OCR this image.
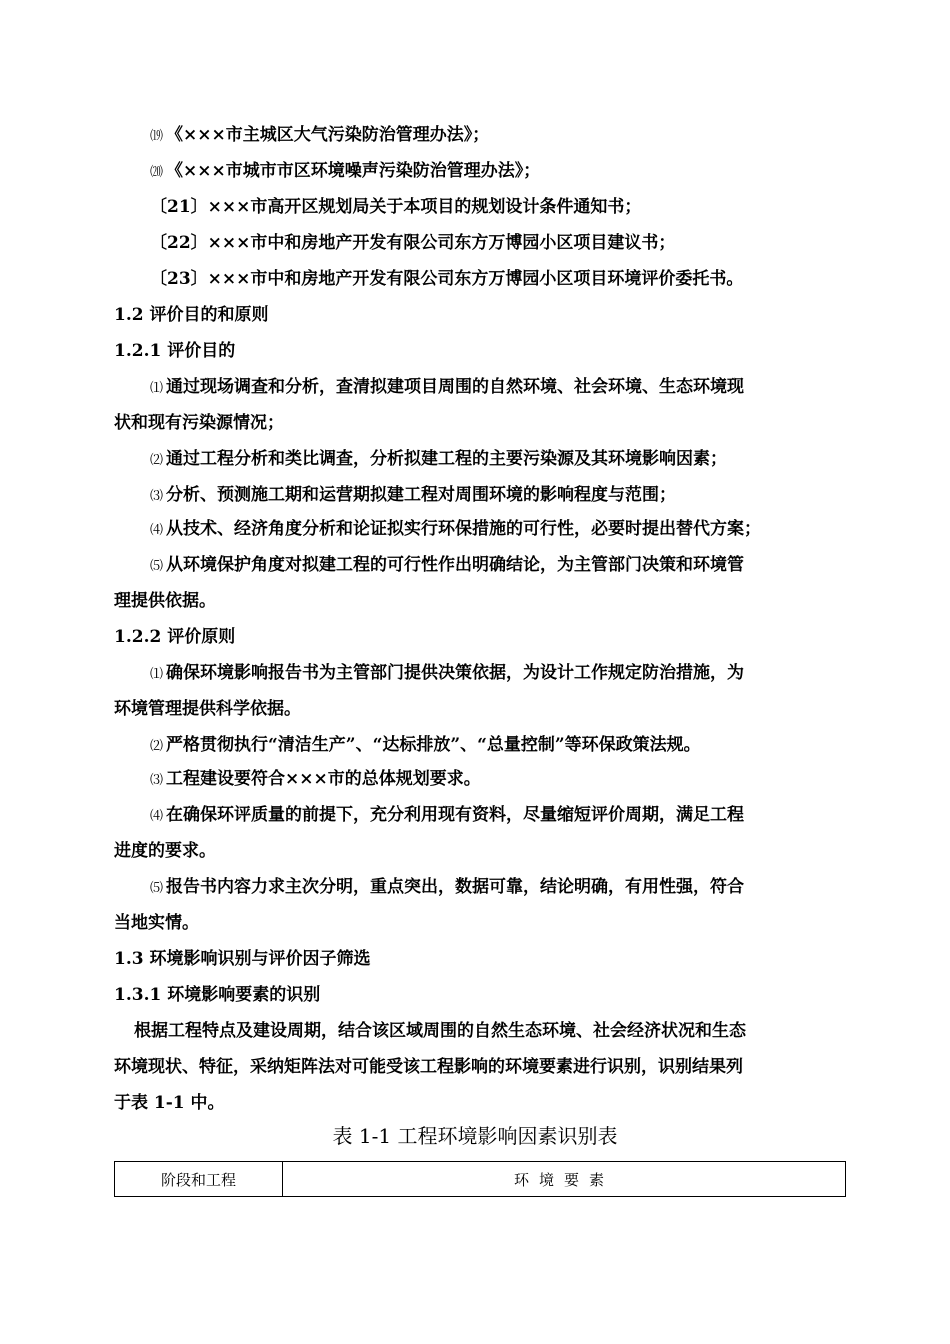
⒆ 《×××市主城区大气污染防治管理办法》；
⒇ 《×××市城市市区环境噪声污染防治管理办法》；
〔21〕×××市高开区规划局关于本项目的规划设计条件通知书；
〔22〕×××市中和房地产开发有限公司东方万博园小区项目建议书；
〔23〕×××市中和房地产开发有限公司东方万博园小区项目环境评价委托书。
1.2 评价目的和原则
1.2.1 评价目的
⑴ 通过现场调查和分析，查清拟建项目周围的自然环境、社会环境、生态环境现
状和现有污染源情况；
⑵ 通过工程分析和类比调查，分析拟建工程的主要污染源及其环境影响因素；
⑶ 分析、预测施工期和运营期拟建工程对周围环境的影响程度与范围；
⑷ 从技术、经济角度分析和论证拟实行环保措施的可行性，必要时提出替代方案；
⑸ 从环境保护角度对拟建工程的可行性作出明确结论，为主管部门决策和环境管
理提供依据。
1.2.2 评价原则
⑴ 确保环境影响报告书为主管部门提供决策依据，为设计工作规定防治措施，为
环境管理提供科学依据。
⑵ 严格贯彻执行“清洁生产”、“达标排放”、“总量控制”等环保政策法规。
⑶ 工程建设要符合×××市的总体规划要求。
⑷ 在确保环评质量的前提下，充分利用现有资料，尽量缩短评价周期，满足工程
进度的要求。
⑸ 报告书内容力求主次分明，重点突出，数据可靠，结论明确，有用性强，符合
当地实情。
1.3 环境影响识别与评价因子筛选
1.3.1 环境影响要素的识别
根据工程特点及建设周期，结合该区域周围的自然生态环境、社会经济状况和生态
环境现状、特征，采纳矩阵法对可能受该工程影响的环境要素进行识别，识别结果列
于表 1-1 中。
表 1-1 工程环境影响因素识别表
阶段和工程	环境要素
